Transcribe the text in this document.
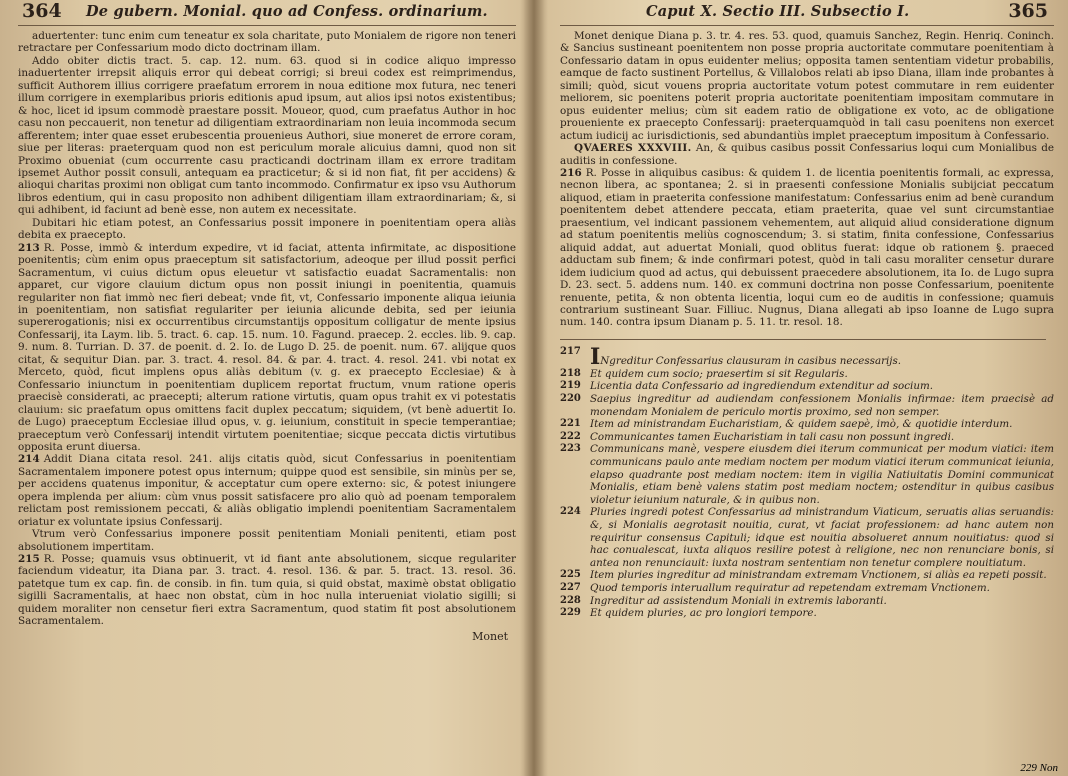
364 De gubern. Monial. quo ad Confess. ordinarium.

aduertenter: tunc enim cum teneatur ex sola charitate, puto Monialem de rigore non teneri retractare per Confessarium modo dicto doctrinam illam.

Addo obiter dictis tract. 5. cap. 12. num. 63. quod si in codice aliquo impresso inaduertenter irrepsit aliquis error qui debeat corrigi; si breui codex est reimprimendus, sufficit Authorem illius corrigere praefatum errorem in noua editione mox futura, nec teneri illum corrigere in exemplaribus prioris editionis apud ipsum, aut alios ipsi notos existentibus; & hoc, licet id ipsum commodè praestare possit. Moueor, quod, cum praefatus Author in hoc casu non peccauerit, non tenetur ad diligentiam extraordinariam non leuia incommoda secum afferentem; inter quae esset erubescentia prouenieus Authori, siue moneret de errore coram, siue per literas: praeterquam quod non est periculum morale alicuius damni, quod non sit Proximo obueniat (cum occurrente casu practicandi doctrinam illam ex errore traditam ipsemet Author possit consuli, antequam ea practicetur; & si id non fiat, fit per accidens) & alioqui charitas proximi non obligat cum tanto incommodo. Confirmatur ex ipso vsu Authorum libros edentium, qui in casu proposito non adhibent diligentiam illam extraordinariam; &, si qui adhibent, id faciunt ad benè esse, non autem ex necessitate.

Dubitari hic etiam potest, an Confessarius possit imponere in poenitentiam opera aliàs debita ex praecepto.

213 R. Posse, immò & interdum expedire, vt id faciat, attenta infirmitate, ac dispositione poenitentis; cùm enim opus praeceptum sit satisfactorium, adeoque per illud possit perfici Sacramentum, vi cuius dictum opus eleuetur vt satisfactio euadat Sacramentalis: non apparet, cur vigore clauium dictum opus non possit iniungi in poenitentia, quamuis regulariter non fiat immò nec fieri debeat; vnde fit, vt, Confessario imponente aliqua ieiunia in poenitentiam, non satisfiat regulariter per ieiunia alicunde debita, sed per ieiunia supererogationis; nisi ex occurrentibus circumstantijs oppositum colligatur de mente ipsius Confessarij, ita Laym. lib. 5. tract. 6. cap. 15. num. 10. Fagund. praecep. 2. eccles. lib. 9. cap. 9. num. 8. Turrian. D. 37. de poenit. d. 2. Io. de Lugo D. 25. de poenit. num. 67. alijque quos citat, & sequitur Dian. par. 3. tract. 4. resol. 84. & par. 4. tract. 4. resol. 241. vbi notat ex Merceto, quòd, ficut implens opus aliàs debitum (v. g. ex praecepto Ecclesiae) & à Confessario iniunctum in poenitentiam duplicem reportat fructum, vnum ratione operis praecisè considerati, ac praecepti; alterum ratione virtutis, quam opus trahit ex vi potestatis clauium: sic praefatum opus omittens facit duplex peccatum; siquidem, (vt benè aduertit Io. de Lugo) praeceptum Ecclesiae illud opus, v. g. ieiunium, constituit in specie temperantiae; praeceptum verò Confessarij intendit virtutem poenitentiae; sicque peccata dictis virtutibus opposita erunt diuersa.

214 Addit Diana citata resol. 241. alijs citatis quòd, sicut Confessarius in poenitentiam Sacramentalem imponere potest opus internum; quippe quod est sensibile, sin minùs per se, per accidens quatenus imponitur, & acceptatur cum opere externo: sic, & potest iniungere opera implenda per alium: cùm vnus possit satisfacere pro alio quò ad poenam temporalem relictam post remissionem peccati, & aliàs obligatio implendi poenitentiam Sacramentalem oriatur ex voluntate ipsius Confessarij.

Vtrum verò Confessarius imponere possit penitentiam Moniali penitenti, etiam post absolutionem impertitam.

215 R. Posse; quamuis vsus obtinuerit, vt id fiant ante absolutionem, sicque regulariter faciendum videatur, ita Diana par. 3. tract. 4. resol. 136. & par. 5. tract. 13. resol. 36. patetque tum ex cap. fin. de consib. in fin. tum quia, si quid obstat, maximè obstat obligatio sigilli Sacramentalis, at haec non obstat, cùm in hoc nulla interueniat violatio sigilli; si quidem moraliter non censetur fieri extra Sacramentum, quod statim fit post absolutionem Sacramentalem.

Monet
Caput X. Sectio III. Subsectio I.	365

Monet denique Diana p. 3. tr. 4. res. 53. quod, quamuis Sanchez, Regin. Henriq. Coninch. & Sancius sustineant poenitentem non posse propria auctoritate commutare poenitentiam à Confessario datam in opus euidenter melius; opposita tamen sententiam videtur probabilis, eamque de facto sustinent Portellus, & Villalobos relati ab ipso Diana, illam inde probantes à simili; quòd, sicut vouens propria auctoritate votum potest commutare in rem euidenter meliorem, sic poenitens poterit propria auctoritate poenitentiam impositam commutare in opus euidenter melius; cùm sit eadem ratio de obligatione ex voto, ac de obligatione proueniente ex praecepto Confessarij: praeterquamquòd in tali casu poenitens non exercet actum iudicij ac iurisdictionis, sed abundantiùs implet praeceptum impositum à Confessario.

QVAERES XXXVIII. An, & quibus casibus possit Confessarius loqui cum Monialibus de auditis in confessione.

216 R. Posse in aliquibus casibus: & quidem 1. de licentia poenitentis formali, ac expressa, necnon libera, ac spontanea; 2. si in praesenti confessione Monialis subijciat peccatum aliquod, etiam in praeterita confessione manifestatum: Confessarius enim ad benè curandum poenitentem debet attendere peccata, etiam praeterita, quae vel sunt circumstantiae praesentium, vel indicant passionem vehementem, aut aliquid aliud consideratione dignum ad statum poenitentis meliùs cognoscendum; 3. si statim, finita confessione, Confessarius aliquid addat, aut aduertat Moniali, quod oblitus fuerat: idque ob rationem §. praeced adductam sub finem; & inde confirmari potest, quòd in tali casu moraliter censetur durare idem iudicium quod ad actus, qui debuissent praecedere absolutionem, ita Io. de Lugo supra D. 23. sect. 5. addens num. 140. ex communi doctrina non posse Confessarium, poenitente renuente, petita, & non obtenta licentia, loqui cum eo de auditis in confessione; quamuis contrarium sustineant Suar. Filliuc. Nugnus, Diana allegati ab ipso Ioanne de Lugo supra num. 140. contra ipsum Dianam p. 5. 11. tr. resol. 18.

217 INgreditur Confessarius clausuram in casibus necessarijs.
218 Et quidem cum socio; praesertim si sit Regularis.
219 Licentia data Confessario ad ingrediendum extenditur ad socium.
220 Saepius ingreditur ad audiendam confessionem Monialis infirmae: item praecisè ad monendam Monialem de periculo mortis proximo, sed non semper.
221 Item ad ministrandam Eucharistiam, & quidem saepè, imò, & quotidie interdum.
222 Communicantes tamen Eucharistiam in tali casu non possunt ingredi.
223 Communicans manè, vespere eiusdem diei iterum communicat per modum viatici: item communicans paulo ante mediam noctem per modum viatici iterum communicat ieiunia, elapso quadrante post mediam noctem: item in vigilia Natiuitatis Domini communicat Monialis, etiam benè valens statim post mediam noctem; ostenditur in quibus casibus violetur ieiunium naturale, & in quibus non.
224 Pluries ingredi potest Confessarius ad ministrandum Viaticum, seruatis alias seruandis: &, si Monialis aegrotasit nouitia, curat, vt faciat professionem: ad hanc autem non requiritur consensus Capituli; idque est nouitia absolueret annum nouitiatus: quod si hac conualescat, iuxta aliquos resilire potest à religione, nec non renunciare bonis, si antea non renunciauit: iuxta nostram sententiam non tenetur complere nouitiatum.
225 Item pluries ingreditur ad ministrandam extremam Vnctionem, si aliàs ea repeti possit.
227 Quod temporis interuallum requiratur ad repetendam extremam Vnctionem.
228 Ingreditur ad assistendum Moniali in extremis laboranti.
229 Et quidem pluries, ac pro longiori tempore.
229 Non
